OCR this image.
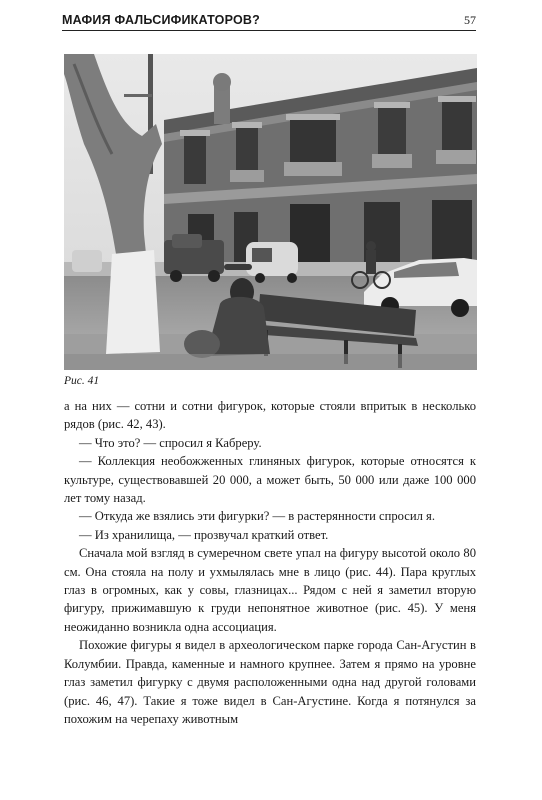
МАФИЯ ФАЛЬСИФИКАТОРОВ?	57
Рис. 41

а на них — сотни и сотни фигурок, которые стояли впритык в несколько рядов (рис. 42, 43).

— Что это? — спросил я Кабреру.

— Коллекция необожженных глиняных фигурок, которые относятся к культуре, существовавшей 20 000, а может быть, 50 000 или даже 100 000 лет тому назад.

— Откуда же взялись эти фигурки? — в растерянности спросил я.

— Из хранилища, — прозвучал краткий ответ.

Сначала мой взгляд в сумеречном свете упал на фигуру высотой около 80 см. Она стояла на полу и ухмылялась мне в лицо (рис. 44). Пара круглых глаз в огромных, как у совы, глазницах... Рядом с ней я заметил вторую фигуру, прижимавшую к груди непонятное животное (рис. 45). У меня неожиданно возникла одна ассоциация.

Похожие фигуры я видел в археологическом парке города Сан-Агустин в Колумбии. Правда, каменные и намного крупнее. Затем я прямо на уровне глаз заметил фигурку с двумя расположенными одна над другой головами (рис. 46, 47). Такие я тоже видел в Сан-Агустине. Когда я потянулся за похожим на черепаху животным
